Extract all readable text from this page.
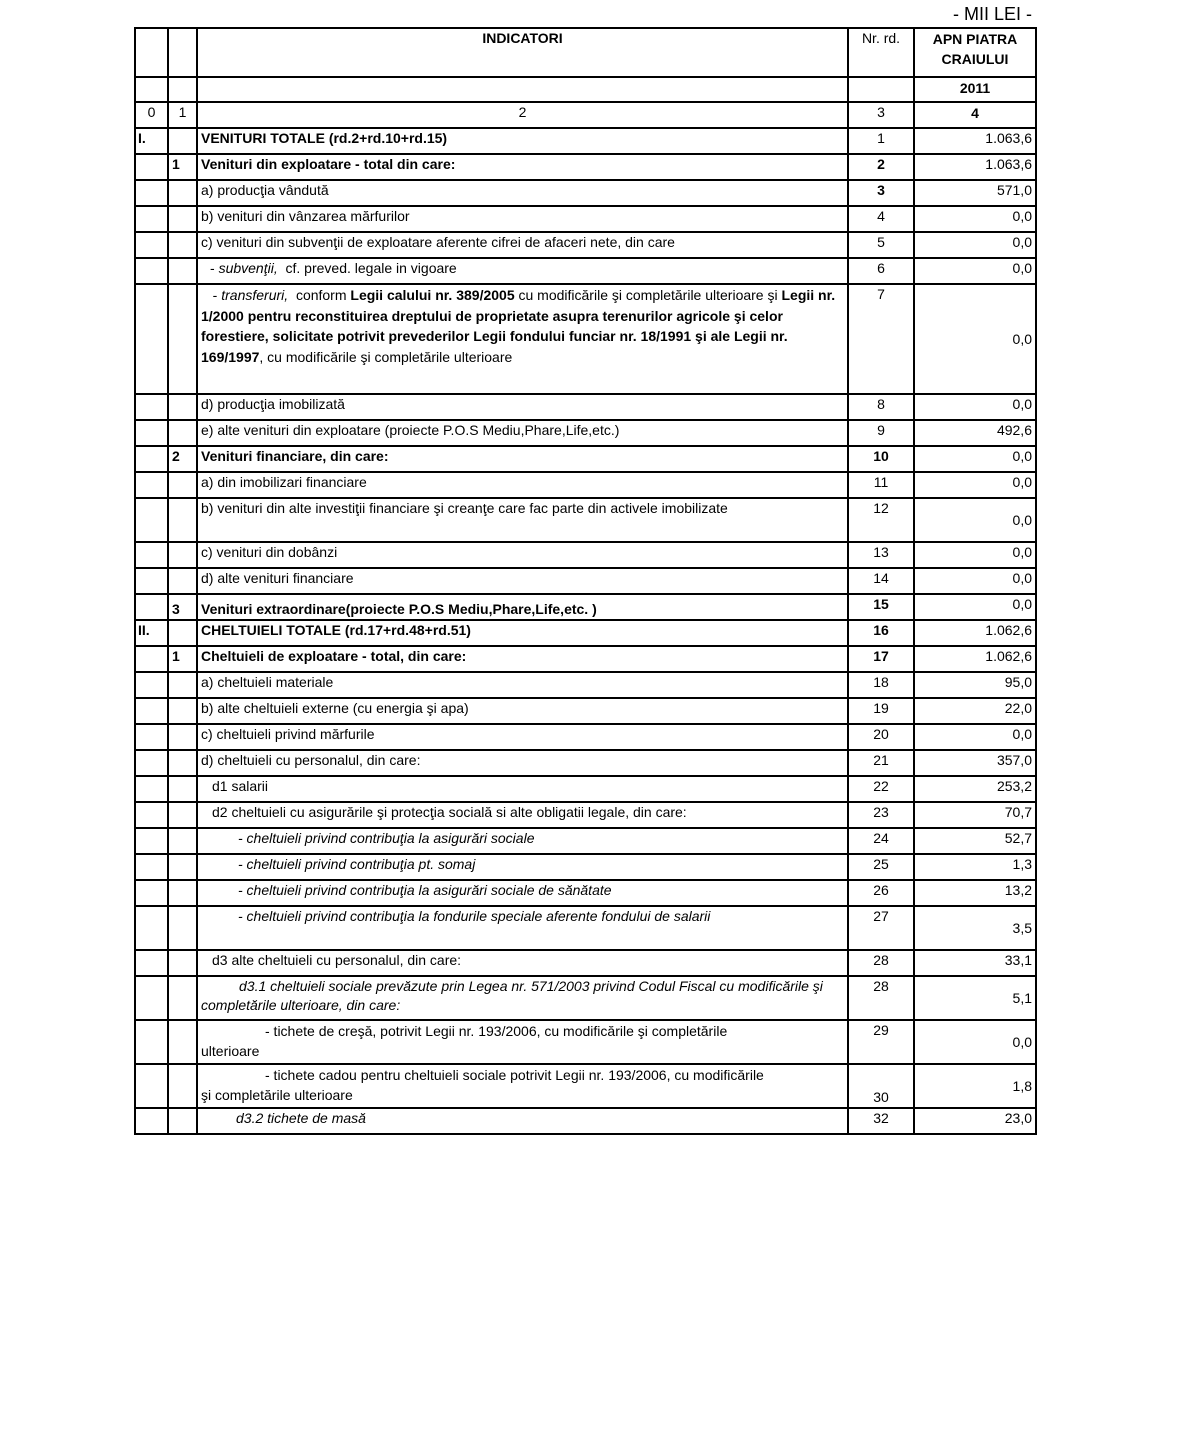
- MII LEI -
		INDICATORI	Nr. rd.	APN PIATRA CRAIULUI
				2011
0	1	2	3	4
I.		VENITURI TOTALE (rd.2+rd.10+rd.15)	1	1.063,6
	1	Venituri din exploatare - total din care:	2	1.063,6
		a) producţia vândută	3	571,0
		b) venituri din vânzarea mărfurilor	4	0,0
		c) venituri din subvenţii de exploatare aferente cifrei de afaceri nete, din care	5	0,0
		- subvenţii, cf. preved. legale in vigoare	6	0,0
		- transferuri, conform Legii calului nr. 389/2005 cu modificările şi completările ulterioare şi Legii nr. 1/2000 pentru reconstituirea dreptului de proprietate asupra terenurilor agricole şi celor forestiere, solicitate potrivit prevederilor Legii fondului funciar nr. 18/1991 şi ale Legii nr. 169/1997, cu modificările şi completările ulterioare	7	0,0
		d) producţia imobilizată	8	0,0
		e) alte venituri din exploatare (proiecte P.O.S Mediu,Phare,Life,etc.)	9	492,6
	2	Venituri financiare, din care:	10	0,0
		a) din imobilizari financiare	11	0,0
		b) venituri din alte investiţii financiare şi creanţe care fac parte din activele imobilizate	12	0,0
		c) venituri din dobânzi	13	0,0
		d) alte venituri financiare	14	0,0
	3	Venituri extraordinare(proiecte P.O.S Mediu,Phare,Life,etc. )	15	0,0
II.		CHELTUIELI TOTALE (rd.17+rd.48+rd.51)	16	1.062,6
	1	Cheltuieli de exploatare - total, din care:	17	1.062,6
		a) cheltuieli materiale	18	95,0
		b) alte cheltuieli externe (cu energia şi apa)	19	22,0
		c) cheltuieli privind mărfurile	20	0,0
		d) cheltuieli cu personalul, din care:	21	357,0
		d1 salarii	22	253,2
		d2 cheltuieli cu asigurările şi protecţia socială si alte obligatii legale, din care:	23	70,7
		- cheltuieli privind contribuţia la asigurări sociale	24	52,7
		- cheltuieli privind contribuţia pt. somaj	25	1,3
		- cheltuieli privind contribuţia la asigurări sociale de sănătate	26	13,2
		- cheltuieli privind contribuţia la fondurile speciale aferente fondului de salarii	27	3,5
		d3 alte cheltuieli cu personalul, din care:	28	33,1
		d3.1 cheltuieli sociale prevăzute prin Legea nr. 571/2003 privind Codul Fiscal cu modificările şi completările ulterioare, din care:	28	5,1
		- tichete de creşă, potrivit Legii nr. 193/2006, cu modificările şi completările
ulterioare	29	0,0
		- tichete cadou pentru cheltuieli sociale potrivit Legii nr. 193/2006, cu modificările
şi completările ulterioare	30	1,8
		d3.2 tichete de masă	32	23,0
